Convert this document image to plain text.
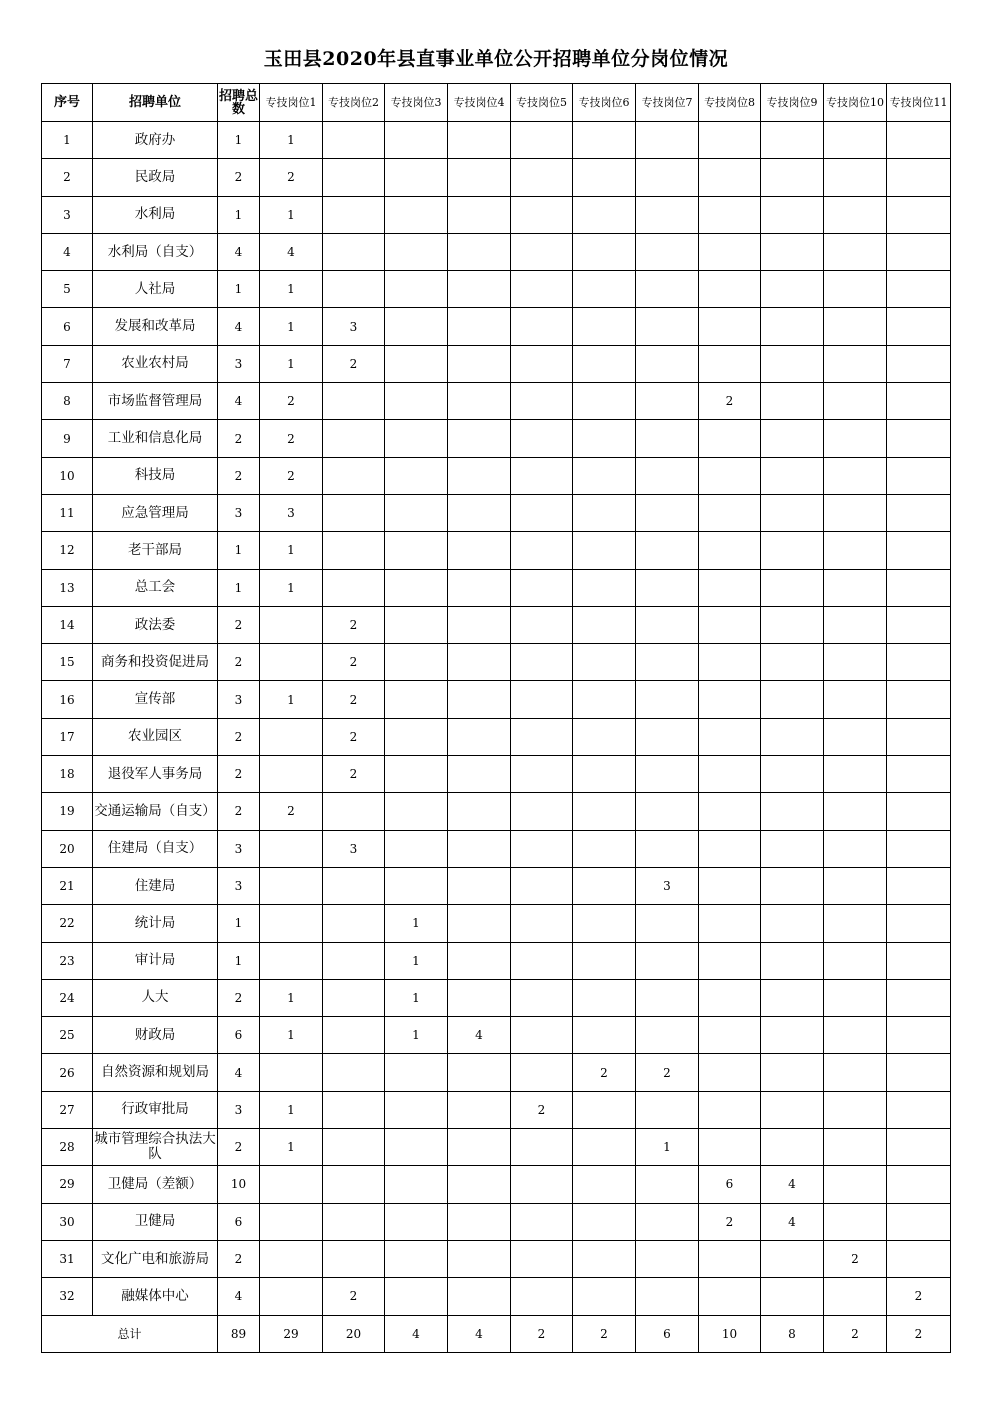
玉田县2020年县直事业单位公开招聘单位分岗位情况
序号	招聘单位	招聘总数	专技岗位1	专技岗位2	专技岗位3	专技岗位4	专技岗位5	专技岗位6	专技岗位7	专技岗位8	专技岗位9	专技岗位10	专技岗位11
1	政府办	1	1										
2	民政局	2	2										
3	水利局	1	1										
4	水利局（自支）	4	4										
5	人社局	1	1										
6	发展和改革局	4	1	3									
7	农业农村局	3	1	2									
8	市场监督管理局	4	2							2			
9	工业和信息化局	2	2										
10	科技局	2	2										
11	应急管理局	3	3										
12	老干部局	1	1										
13	总工会	1	1										
14	政法委	2		2									
15	商务和投资促进局	2		2									
16	宣传部	3	1	2									
17	农业园区	2		2									
18	退役军人事务局	2		2									
19	交通运输局（自支）	2	2										
20	住建局（自支）	3		3									
21	住建局	3							3				
22	统计局	1			1								
23	审计局	1			1								
24	人大	2	1		1								
25	财政局	6	1		1	4							
26	自然资源和规划局	4						2	2				
27	行政审批局	3	1				2						
28	城市管理综合执法大队	2	1						1				
29	卫健局（差额）	10								6	4		
30	卫健局	6								2	4		
31	文化广电和旅游局	2										2	
32	融媒体中心	4		2									2
总计		89	29	20	4	4	2	2	6	10	8	2	2
